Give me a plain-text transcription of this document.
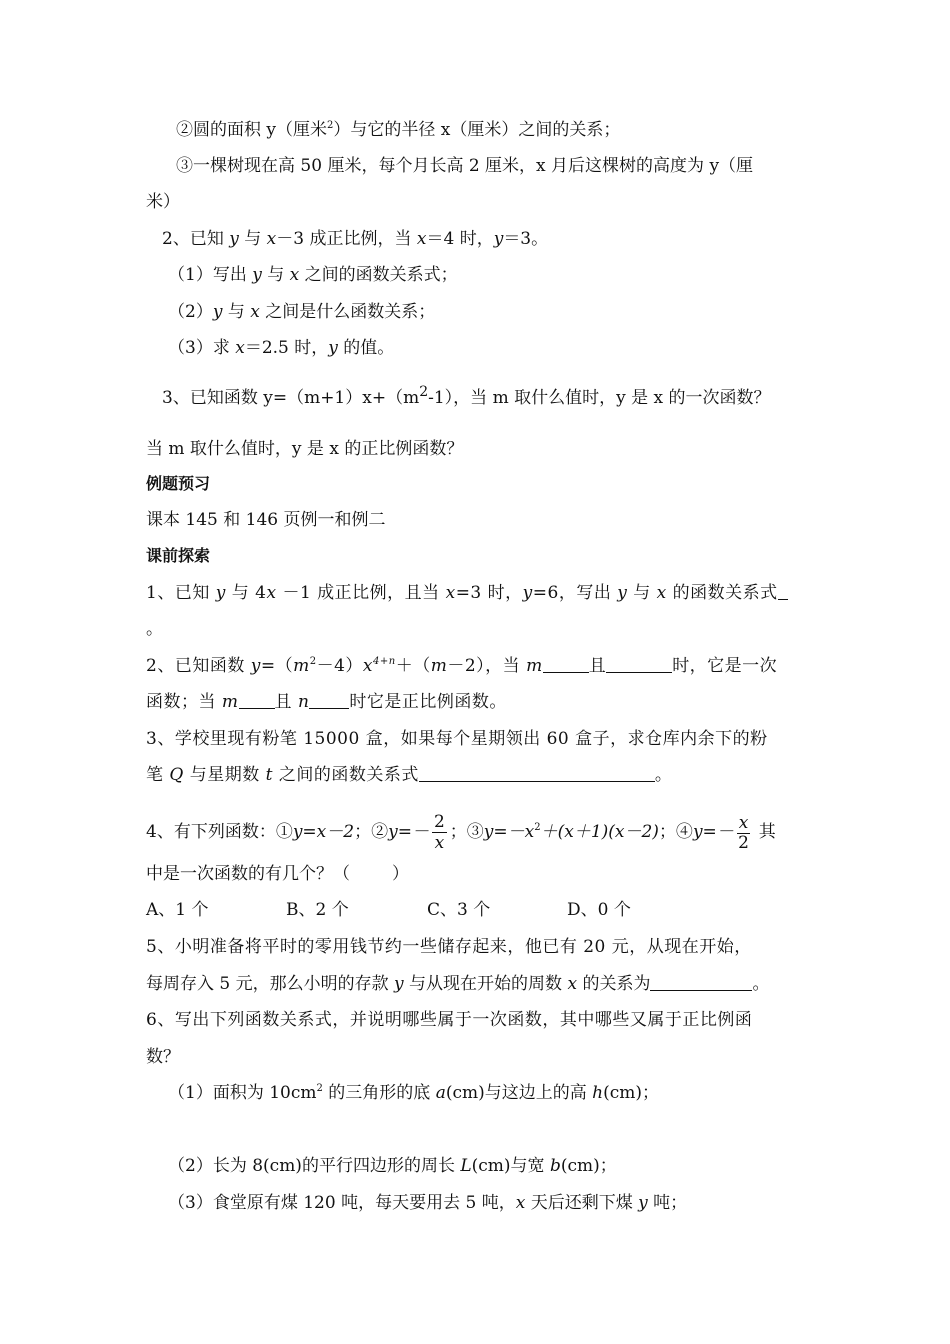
②圆的面积 y（厘米$^2$）与它的半径 x（厘米）之间的关系；
③一棵树现在高 50 厘米，每个月长高 2 厘米，x 月后这棵树的高度为 y（厘
米）
2、已知 y 与 x－3 成正比例，当 x＝4 时，y＝3。
（1）写出 y 与 x 之间的函数关系式；
（2）y 与 x 之间是什么函数关系；
（3）求 x＝2.5 时，y 的值。
3、已知函数 $y=(m+1)x+(m^2-1)$，当 m 取什么值时，y 是 x 的一次函数？
当 m 取什么值时，y 是 x 的正比例函数？
例题预习
课本 145 和 146 页例一和例二
课前探索
1、已知 y 与 4x －1 成正比例，且当 x=3 时，y=6，写出 y 与 x 的函数关系式
。
2、已知函数 $y=(m^2-4)x^{4+n}+(m-2)$，当 m	且	时，它是一次
函数；当 m 且 n 时它是正比例函数。
3、学校里现有粉笔 15000 盒，如果每个星期领出 60 盒子，求仓库内余下的粉
笔 Q 与星期数 t 之间的函数关系式	。
4、有下列函数：①y=x－2；②y=－ $\frac{2}{x}$ ；$③y=-x^2+(x+1)(x-2)$；④y=－ $\frac{x}{2}$ 其
中是一次函数的有几个？（ ）
A、1 个	B、2 个	C、3 个	D、0 个
5、小明准备将平时的零用钱节约一些储存起来，他已有 20 元，从现在开始，
每周存入 5 元，那么小明的存款 y 与从现在开始的周数 x 的关系为	。
6、写出下列函数关系式，并说明哪些属于一次函数，其中哪些又属于正比例函
数？
（1）面积为 $10cm^2$ 的三角形的底 a(cm)与这边上的高 h(cm)；
（2）长为 8(cm)的平行四边形的周长 L(cm)与宽 b(cm)；
（3）食堂原有煤 120 吨，每天要用去 5 吨，x 天后还剩下煤 y 吨；
